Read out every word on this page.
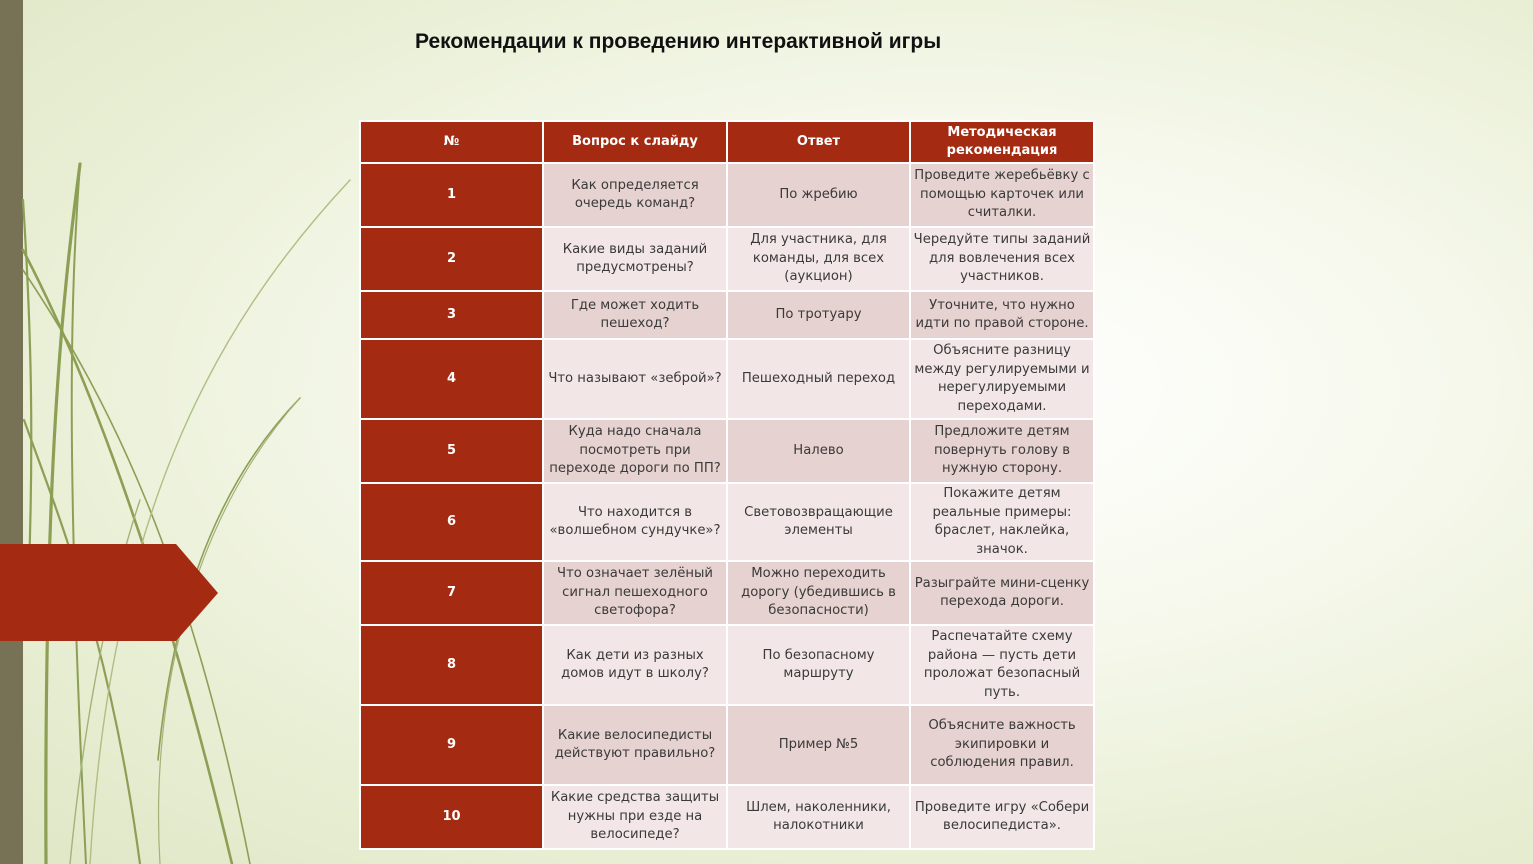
Рекомендации к проведению интерактивной игры
№	Вопрос к слайду	Ответ	Методическая рекомендация
1	Как определяется очередь команд?	По жребию	Проведите жеребьёвку с помощью карточек или считалки.
2	Какие виды заданий предусмотрены?	Для участника, для команды, для всех (аукцион)	Чередуйте типы заданий для вовлечения всех участников.
3	Где может ходить пешеход?	По тротуару	Уточните, что нужно идти по правой стороне.
4	Что называют «зеброй»?	Пешеходный переход	Объясните разницу между регулируемыми и нерегулируемыми переходами.
5	Куда надо сначала посмотреть при переходе дороги по ПП?	Налево	Предложите детям повернуть голову в нужную сторону.
6	Что находится в «волшебном сундучке»?	Световозвращающие элементы	Покажите детям реальные примеры: браслет, наклейка, значок.
7	Что означает зелёный сигнал пешеходного светофора?	Можно переходить дорогу (убедившись в безопасности)	Разыграйте мини-сценку перехода дороги.
8	Как дети из разных домов идут в школу?	По безопасному маршруту	Распечатайте схему района — пусть дети проложат безопасный путь.
9	Какие велосипедисты действуют правильно?	Пример №5	Объясните важность экипировки и соблюдения правил.
10	Какие средства защиты нужны при езде на велосипеде?	Шлем, наколенники, налокотники	Проведите игру «Собери велосипедиста».
